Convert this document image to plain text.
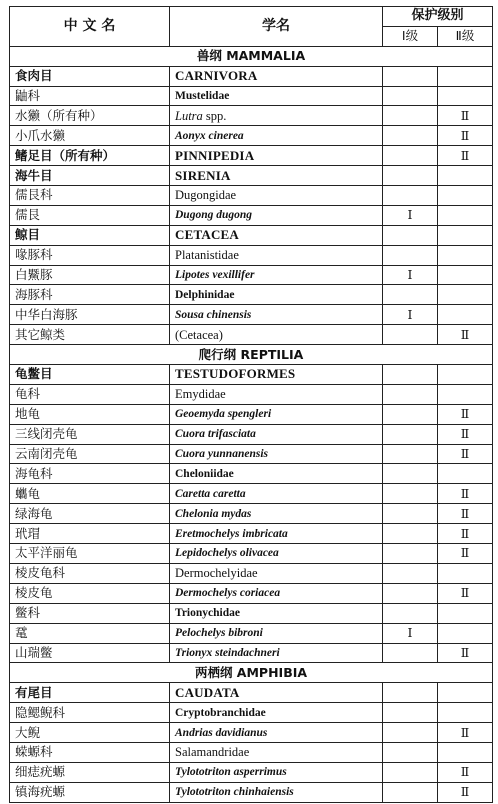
中 文 名	学名	保护级别	
		Ⅰ级	Ⅱ级
兽纲 MAMMALIA			
食肉目	CARNIVORA		
鼬科	Mustelidae		
水獭（所有种）	Lutra spp.		Ⅱ
小爪水獭	Aonyx cinerea		Ⅱ
鳍足目（所有种）	PINNIPEDIA		Ⅱ
海牛目	SIRENIA		
儒艮科	Dugongidae		
儒艮	Dugong dugong	Ⅰ	
鲸目	CETACEA		
喙豚科	Platanistidae		
白鱀豚	Lipotes vexillifer	Ⅰ	
海豚科	Delphinidae		
中华白海豚	Sousa chinensis	Ⅰ	
其它鲸类	(Cetacea)		Ⅱ
爬行纲 REPTILIA			
龟鳖目	TESTUDOFORMES		
龟科	Emydidae		
地龟	Geoemyda spengleri		Ⅱ
三线闭壳龟	Cuora trifasciata		Ⅱ
云南闭壳龟	Cuora yunnanensis		Ⅱ
海龟科	Cheloniidae		
蠵龟	Caretta caretta		Ⅱ
绿海龟	Chelonia mydas		Ⅱ
玳瑁	Eretmochelys imbricata		Ⅱ
太平洋丽龟	Lepidochelys olivacea		Ⅱ
棱皮龟科	Dermochelyidae		
棱皮龟	Dermochelys coriacea		Ⅱ
鳖科	Trionychidae		
鼋	Pelochelys bibroni	Ⅰ	
山瑞鳖	Trionyx steindachneri		Ⅱ
两栖纲 AMPHIBIA			
有尾目	CAUDATA		
隐鳃鲵科	Cryptobranchidae		
大鲵	Andrias davidianus		Ⅱ
蝾螈科	Salamandridae		
细痣疣螈	Tylototriton asperrimus		Ⅱ
镇海疣螈	Tylototriton chinhaiensis		Ⅱ
